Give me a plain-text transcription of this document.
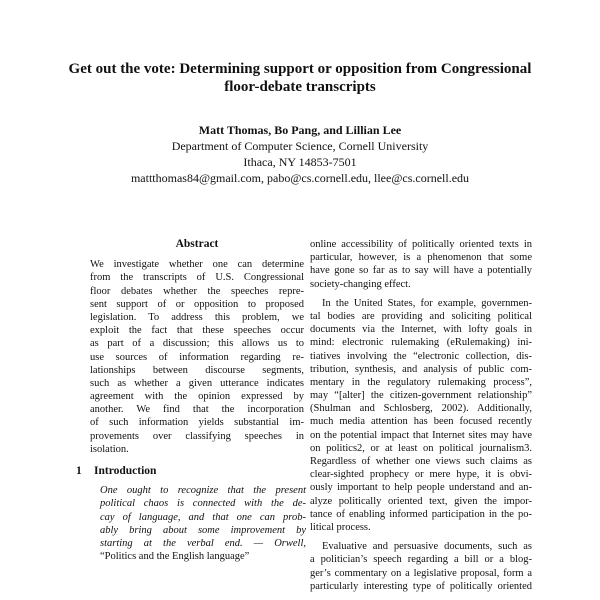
Get out the vote: Determining support or opposition from Congressional
floor-debate transcripts
Matt Thomas, Bo Pang, and Lillian Lee
Department of Computer Science, Cornell University
Ithaca, NY 14853-7501
mattthomas84@gmail.com, pabo@cs.cornell.edu, llee@cs.cornell.edu
Abstract
We investigate whether one can determine
from the transcripts of U.S. Congressional
floor debates whether the speeches repre-
sent support of or opposition to proposed
legislation. To address this problem, we
exploit the fact that these speeches occur
as part of a discussion; this allows us to
use sources of information regarding re-
lationships between discourse segments,
such as whether a given utterance indicates
agreement with the opinion expressed by
another. We find that the incorporation
of such information yields substantial im-
provements over classifying speeches in
isolation.
1 Introduction
One ought to recognize that the present
political chaos is connected with the de-
cay of language, and that one can prob-
ably bring about some improvement by
starting at the verbal end. — Orwell,
“Politics and the English language”
online accessibility of politically oriented texts in
particular, however, is a phenomenon that some
have gone so far as to say will have a potentially
society-changing effect.
In the United States, for example, governmen-
tal bodies are providing and soliciting political
documents via the Internet, with lofty goals in
mind: electronic rulemaking (eRulemaking) ini-
tiatives involving the “electronic collection, dis-
tribution, synthesis, and analysis of public com-
mentary in the regulatory rulemaking process”,
may “[alter] the citizen-government relationship”
(Shulman and Schlosberg, 2002). Additionally,
much media attention has been focused recently
on the potential impact that Internet sites may have
on politics2, or at least on political journalism3.
Regardless of whether one views such claims as
clear-sighted prophecy or mere hype, it is obvi-
ously important to help people understand and an-
alyze politically oriented text, given the impor-
tance of enabling informed participation in the po-
litical process.
Evaluative and persuasive documents, such as
a politician’s speech regarding a bill or a blog-
ger’s commentary on a legislative proposal, form a
particularly interesting type of politically oriented
